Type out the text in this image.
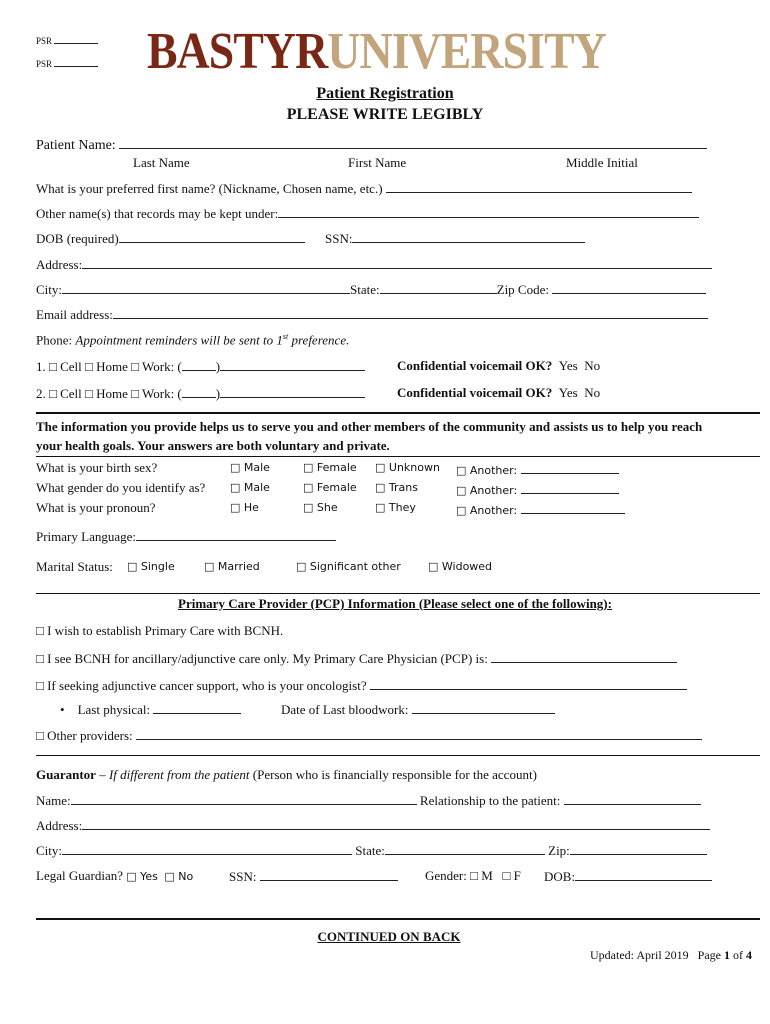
PSR
PSR	BASTYRUNIVERSITY
Patient Registration
PLEASE WRITE LEGIBLY
Patient Name:
Last Name	First Name	Middle Initial
What is your preferred first name? (Nickname, Chosen name, etc.)
Other name(s) that records may be kept under:
DOB (required)	SSN:
Address:
City:	State:	Zip Code:
Email address:
Phone: Appointment reminders will be sent to 1st preference.
1. □ Cell □ Home □ Work: (	)	Confidential voicemail OK? Yes No
2. □ Cell □ Home □ Work: (	)	Confidential voicemail OK? Yes No
The information you provide helps us to serve you and other members of the community and assists us to help you reach your health goals. Your answers are both voluntary and private.
What is your birth sex?	□ Male	□ Female □ Unknown □ Another:
What gender do you identify as? □ Male	□ Female □ Trans	□ Another:
What is your pronoun?	□ He	□ She	□ They	□ Another:
Primary Language:
Marital Status: □ Single	□ Married	□ Significant other □ Widowed
Primary Care Provider (PCP) Information (Please select one of the following):
□ I wish to establish Primary Care with BCNH.
□ I see BCNH for ancillary/adjunctive care only. My Primary Care Physician (PCP) is:
□ If seeking adjunctive cancer support, who is your oncologist?
• Last physical:	Date of Last bloodwork:
□ Other providers:
Guarantor – If different from the patient (Person who is financially responsible for the account)
Name:	Relationship to the patient:
Address:
City:	State:	Zip:
Legal Guardian? □ Yes □ No	SSN:	Gender: □ M □ F DOB:
CONTINUED ON BACK
Updated: April 2019 Page 1 of 4
